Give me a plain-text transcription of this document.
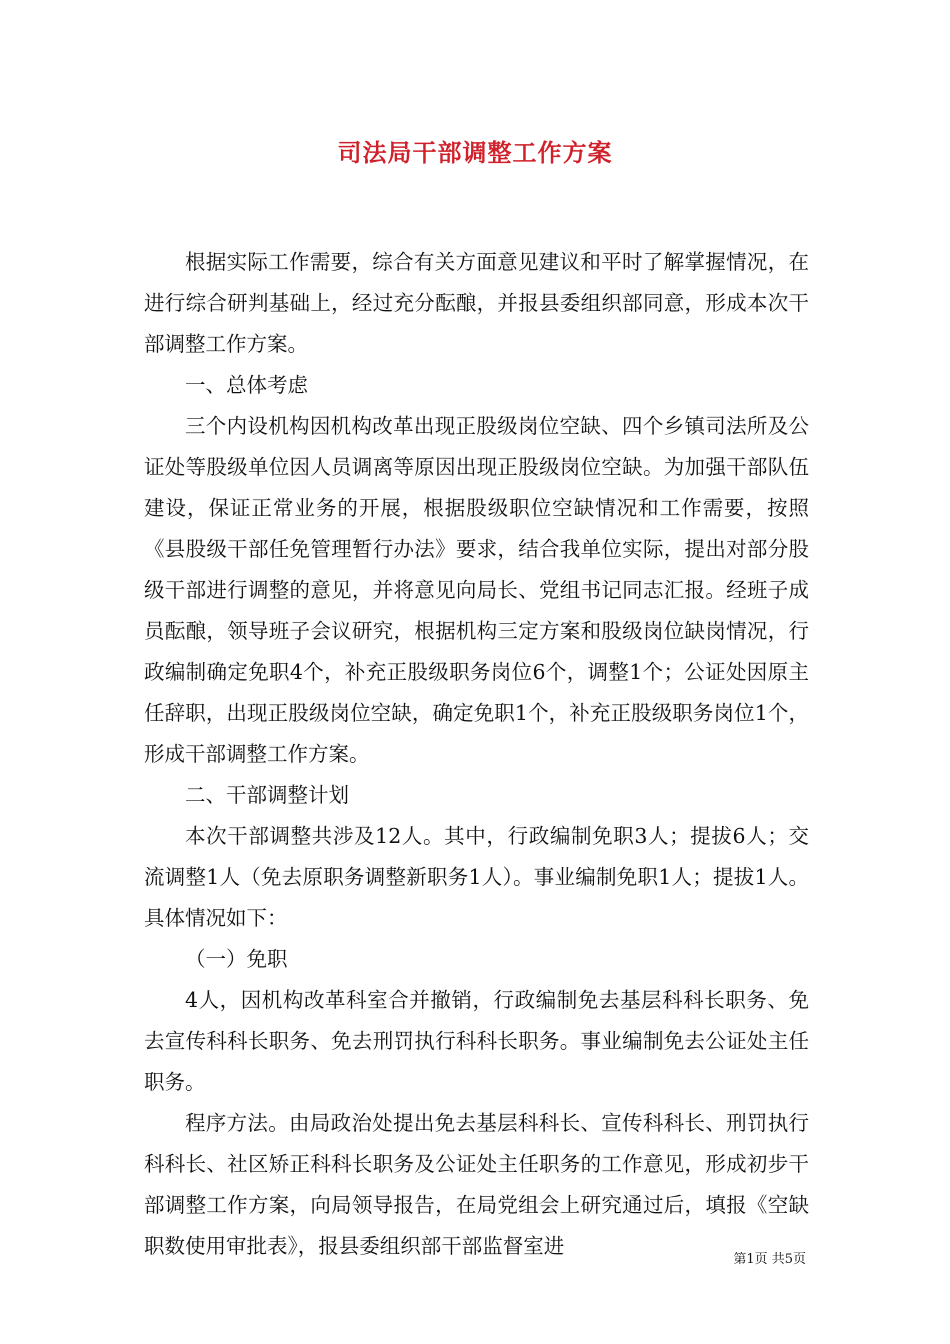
司法局干部调整工作方案

根据实际工作需要，综合有关方面意见建议和平时了解掌握情况，在进行综合研判基础上，经过充分酝酿，并报县委组织部同意，形成本次干部调整工作方案。

一、总体考虑

三个内设机构因机构改革出现正股级岗位空缺、四个乡镇司法所及公证处等股级单位因人员调离等原因出现正股级岗位空缺。为加强干部队伍建设，保证正常业务的开展，根据股级职位空缺情况和工作需要，按照《县股级干部任免管理暂行办法》要求，结合我单位实际，提出对部分股级干部进行调整的意见，并将意见向局长、党组书记同志汇报。经班子成员酝酿，领导班子会议研究，根据机构三定方案和股级岗位缺岗情况，行政编制确定免职4个，补充正股级职务岗位6个，调整1个；公证处因原主任辞职，出现正股级岗位空缺，确定免职1个，补充正股级职务岗位1个，形成干部调整工作方案。

二、干部调整计划

本次干部调整共涉及12人。其中，行政编制免职3人；提拔6人；交流调整1人（免去原职务调整新职务1人）。事业编制免职1人；提拔1人。具体情况如下：

（一）免职

4人，因机构改革科室合并撤销，行政编制免去基层科科长职务、免去宣传科科长职务、免去刑罚执行科科长职务。事业编制免去公证处主任职务。

程序方法。由局政治处提出免去基层科科长、宣传科科长、刑罚执行科科长、社区矫正科科长职务及公证处主任职务的工作意见，形成初步干部调整工作方案，向局领导报告，在局党组会上研究通过后，填报《空缺职数使用审批表》，报县委组织部干部监督室进

第1页 共5页
